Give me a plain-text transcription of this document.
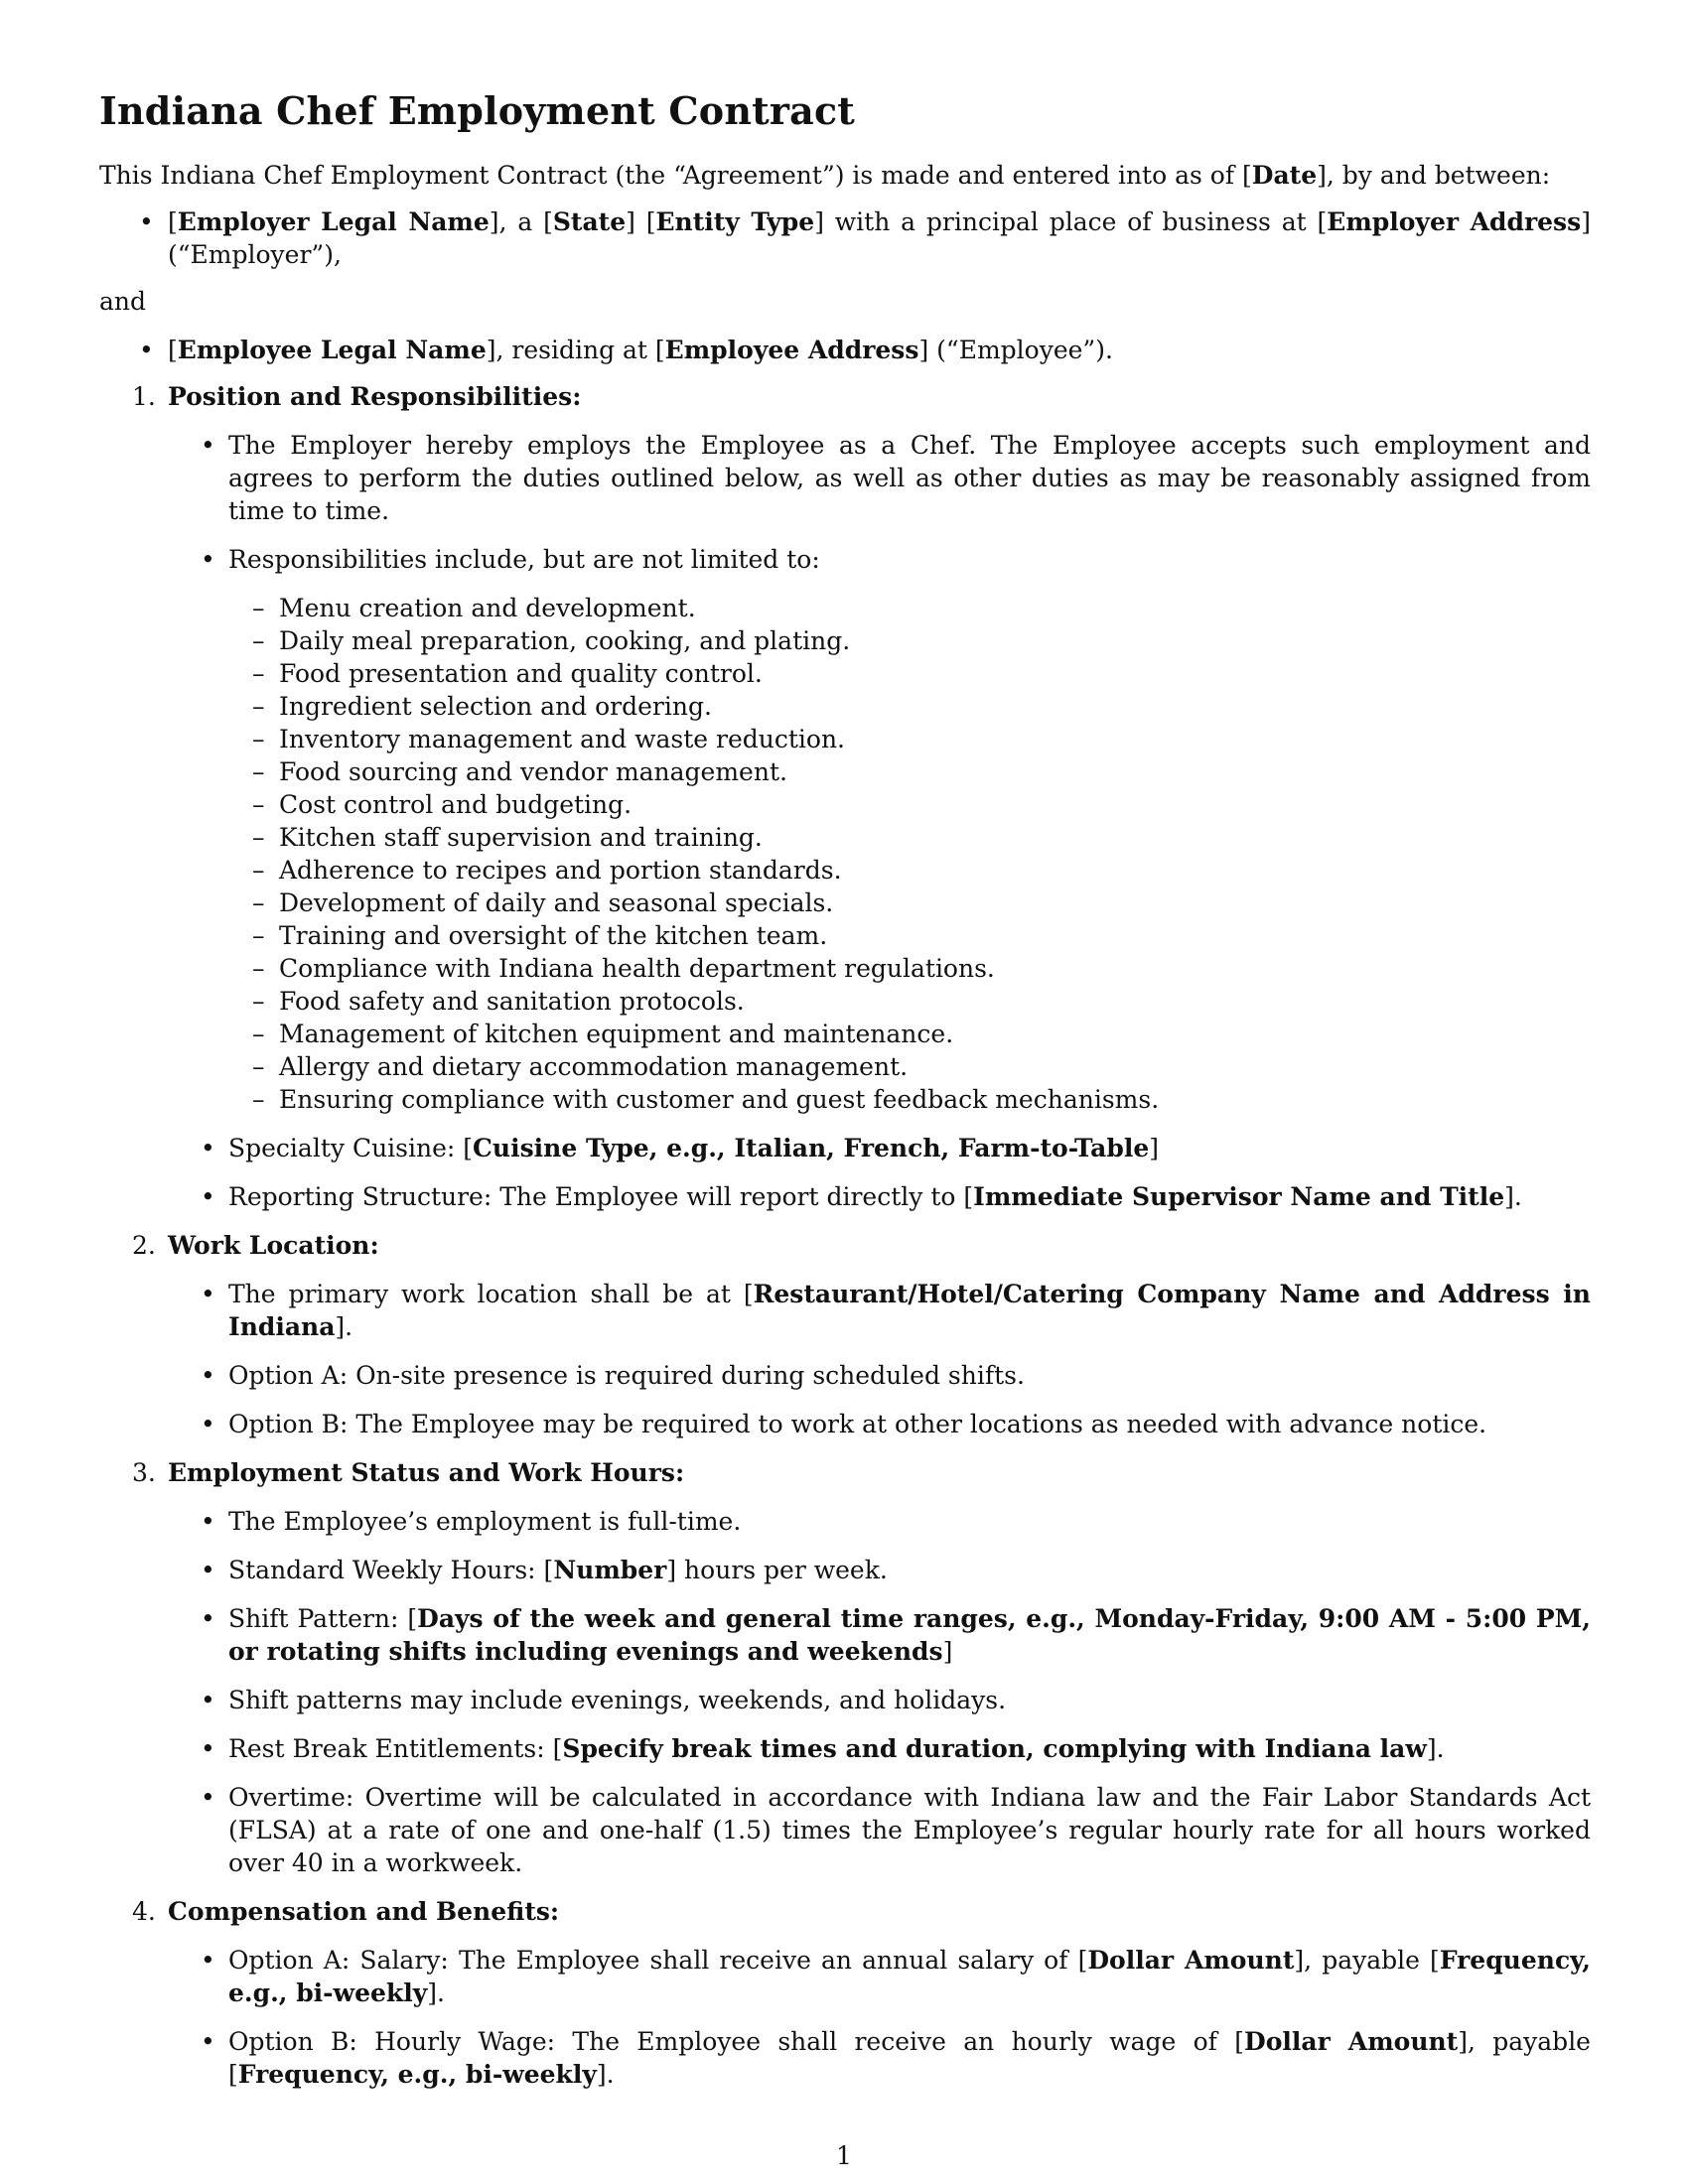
Indiana Chef Employment Contract

This Indiana Chef Employment Contract (the “Agreement”) is made and entered into as of [Date], by and between:

• [Employer Legal Name], a [State] [Entity Type] with a principal place of business at [Employer Address] (“Employer”),

and

• [Employee Legal Name], residing at [Employee Address] (“Employee”).
1. Position and Responsibilities:
• The Employer hereby employs the Employee as a Chef. The Employee accepts such employment and agrees to perform the duties outlined below, as well as other duties as may be reasonably assigned from time to time.
• Responsibilities include, but are not limited to:
– Menu creation and development.
– Daily meal preparation, cooking, and plating.
– Food presentation and quality control.
– Ingredient selection and ordering.
– Inventory management and waste reduction.
– Food sourcing and vendor management.
– Cost control and budgeting.
– Kitchen staff supervision and training.
– Adherence to recipes and portion standards.
– Development of daily and seasonal specials.
– Training and oversight of the kitchen team.
– Compliance with Indiana health department regulations.
– Food safety and sanitation protocols.
– Management of kitchen equipment and maintenance.
– Allergy and dietary accommodation management.
– Ensuring compliance with customer and guest feedback mechanisms.
• Specialty Cuisine: [Cuisine Type, e.g., Italian, French, Farm-to-Table]
• Reporting Structure: The Employee will report directly to [Immediate Supervisor Name and Title].
2. Work Location:
• The primary work location shall be at [Restaurant/Hotel/Catering Company Name and Address in Indiana].
• Option A: On-site presence is required during scheduled shifts.
• Option B: The Employee may be required to work at other locations as needed with advance notice.
3. Employment Status and Work Hours:
• The Employee’s employment is full-time.
• Standard Weekly Hours: [Number] hours per week.
• Shift Pattern: [Days of the week and general time ranges, e.g., Monday-Friday, 9:00 AM - 5:00 PM, or rotating shifts including evenings and weekends]
• Shift patterns may include evenings, weekends, and holidays.
• Rest Break Entitlements: [Specify break times and duration, complying with Indiana law].
• Overtime: Overtime will be calculated in accordance with Indiana law and the Fair Labor Standards Act (FLSA) at a rate of one and one-half (1.5) times the Employee’s regular hourly rate for all hours worked over 40 in a workweek.
4. Compensation and Benefits:
• Option A: Salary: The Employee shall receive an annual salary of [Dollar Amount], payable [Frequency, e.g., bi-weekly].
• Option B: Hourly Wage: The Employee shall receive an hourly wage of [Dollar Amount], payable [Frequency, e.g., bi-weekly].
1
